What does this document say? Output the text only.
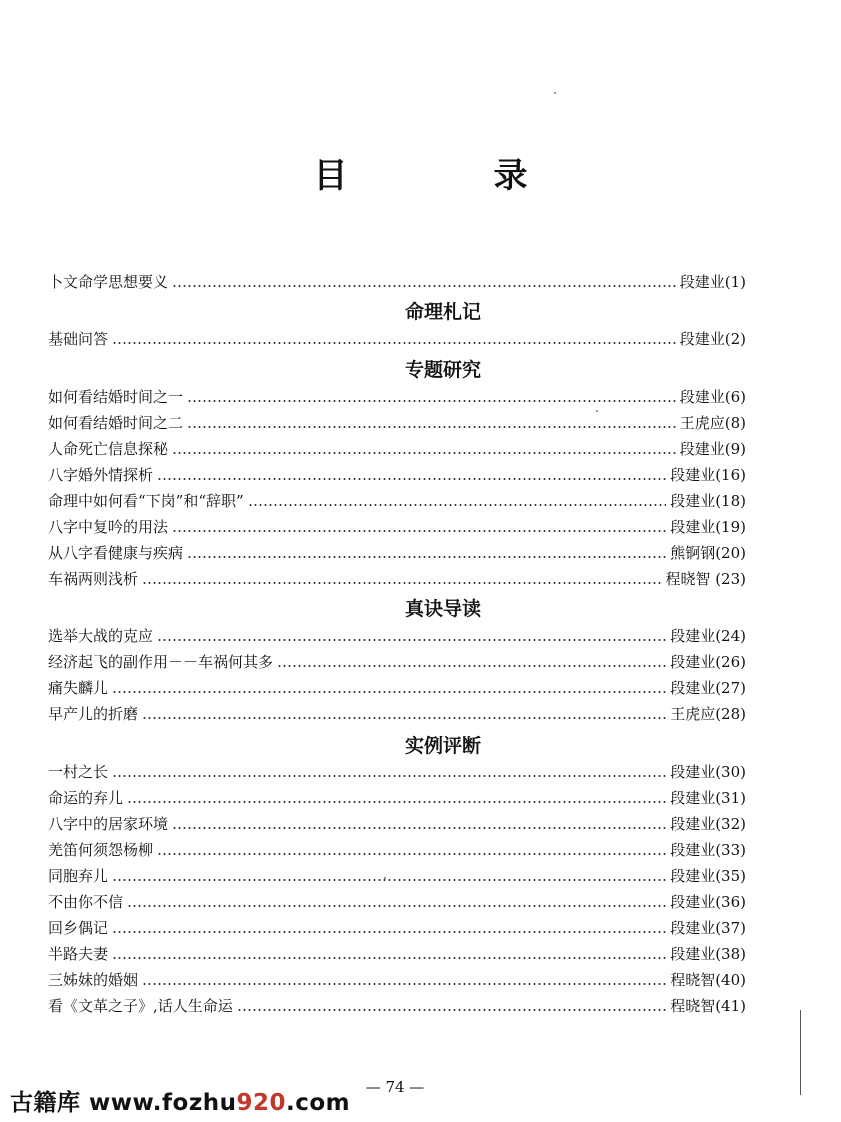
目　录
卜文命学思想要义	段建业(1)
命理札记
基础问答	段建业(2)
专题研究
如何看结婚时间之一	段建业(6)
如何看结婚时间之二	王虎应(8)
人命死亡信息探秘	段建业(9)
八字婚外情探析	段建业(16)
命理中如何看“下岗”和“辞职”	段建业(18)
八字中复吟的用法	段建业(19)
从八字看健康与疾病	熊锕钢(20)
车祸两则浅析	程晓智 (23)
真诀导读
选举大战的克应	段建业(24)
经济起飞的副作用－－车祸何其多	段建业(26)
痛失麟儿	段建业(27)
早产儿的折磨	王虎应(28)
实例评断
一村之长	段建业(30)
命运的弃儿	段建业(31)
八字中的居家环境	段建业(32)
羌笛何须怨杨柳	段建业(33)
同胞弃儿	段建业(35)
不由你不信	段建业(36)
回乡偶记	段建业(37)
半路夫妻	段建业(38)
三姊妹的婚姻	程晓智(40)
看《文革之子》,话人生命运	程晓智(41)
— 74 —
古籍库 www.fozhu920.com
